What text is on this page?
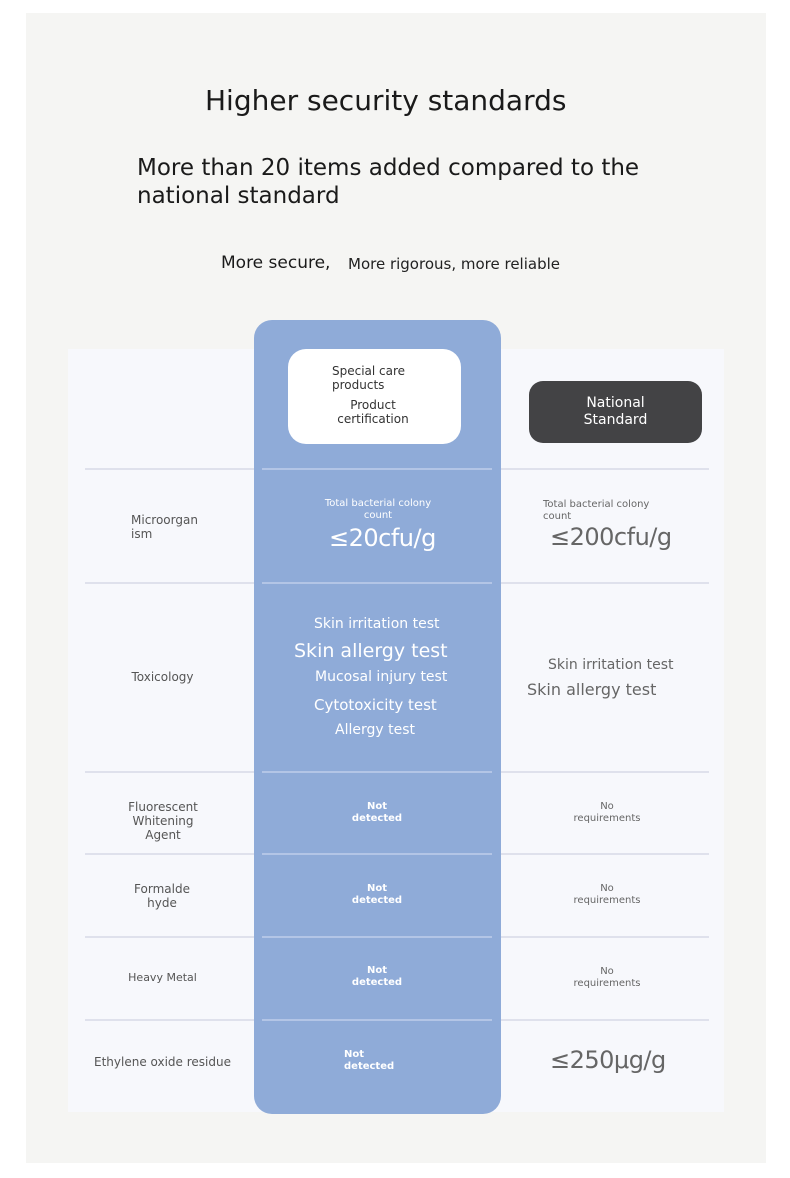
Higher security standards
More than 20 items added compared to the national standard
More secure, More rigorous, more reliable
Special care products
Product certification
National Standard
Microorganism
Total bacterial colony count
≤20cfu/g
Total bacterial colony count
≤200cfu/g
Toxicology
Skin irritation test
Skin allergy test
Mucosal injury test
Cytotoxicity test
Allergy test
Skin irritation test
Skin allergy test
Fluorescent Whitening Agent
Not detected
No requirements
Formaldehyde
Not detected
No requirements
Heavy Metal
Not detected
No requirements
Ethylene oxide residue
Not detected	≤250μg/g
